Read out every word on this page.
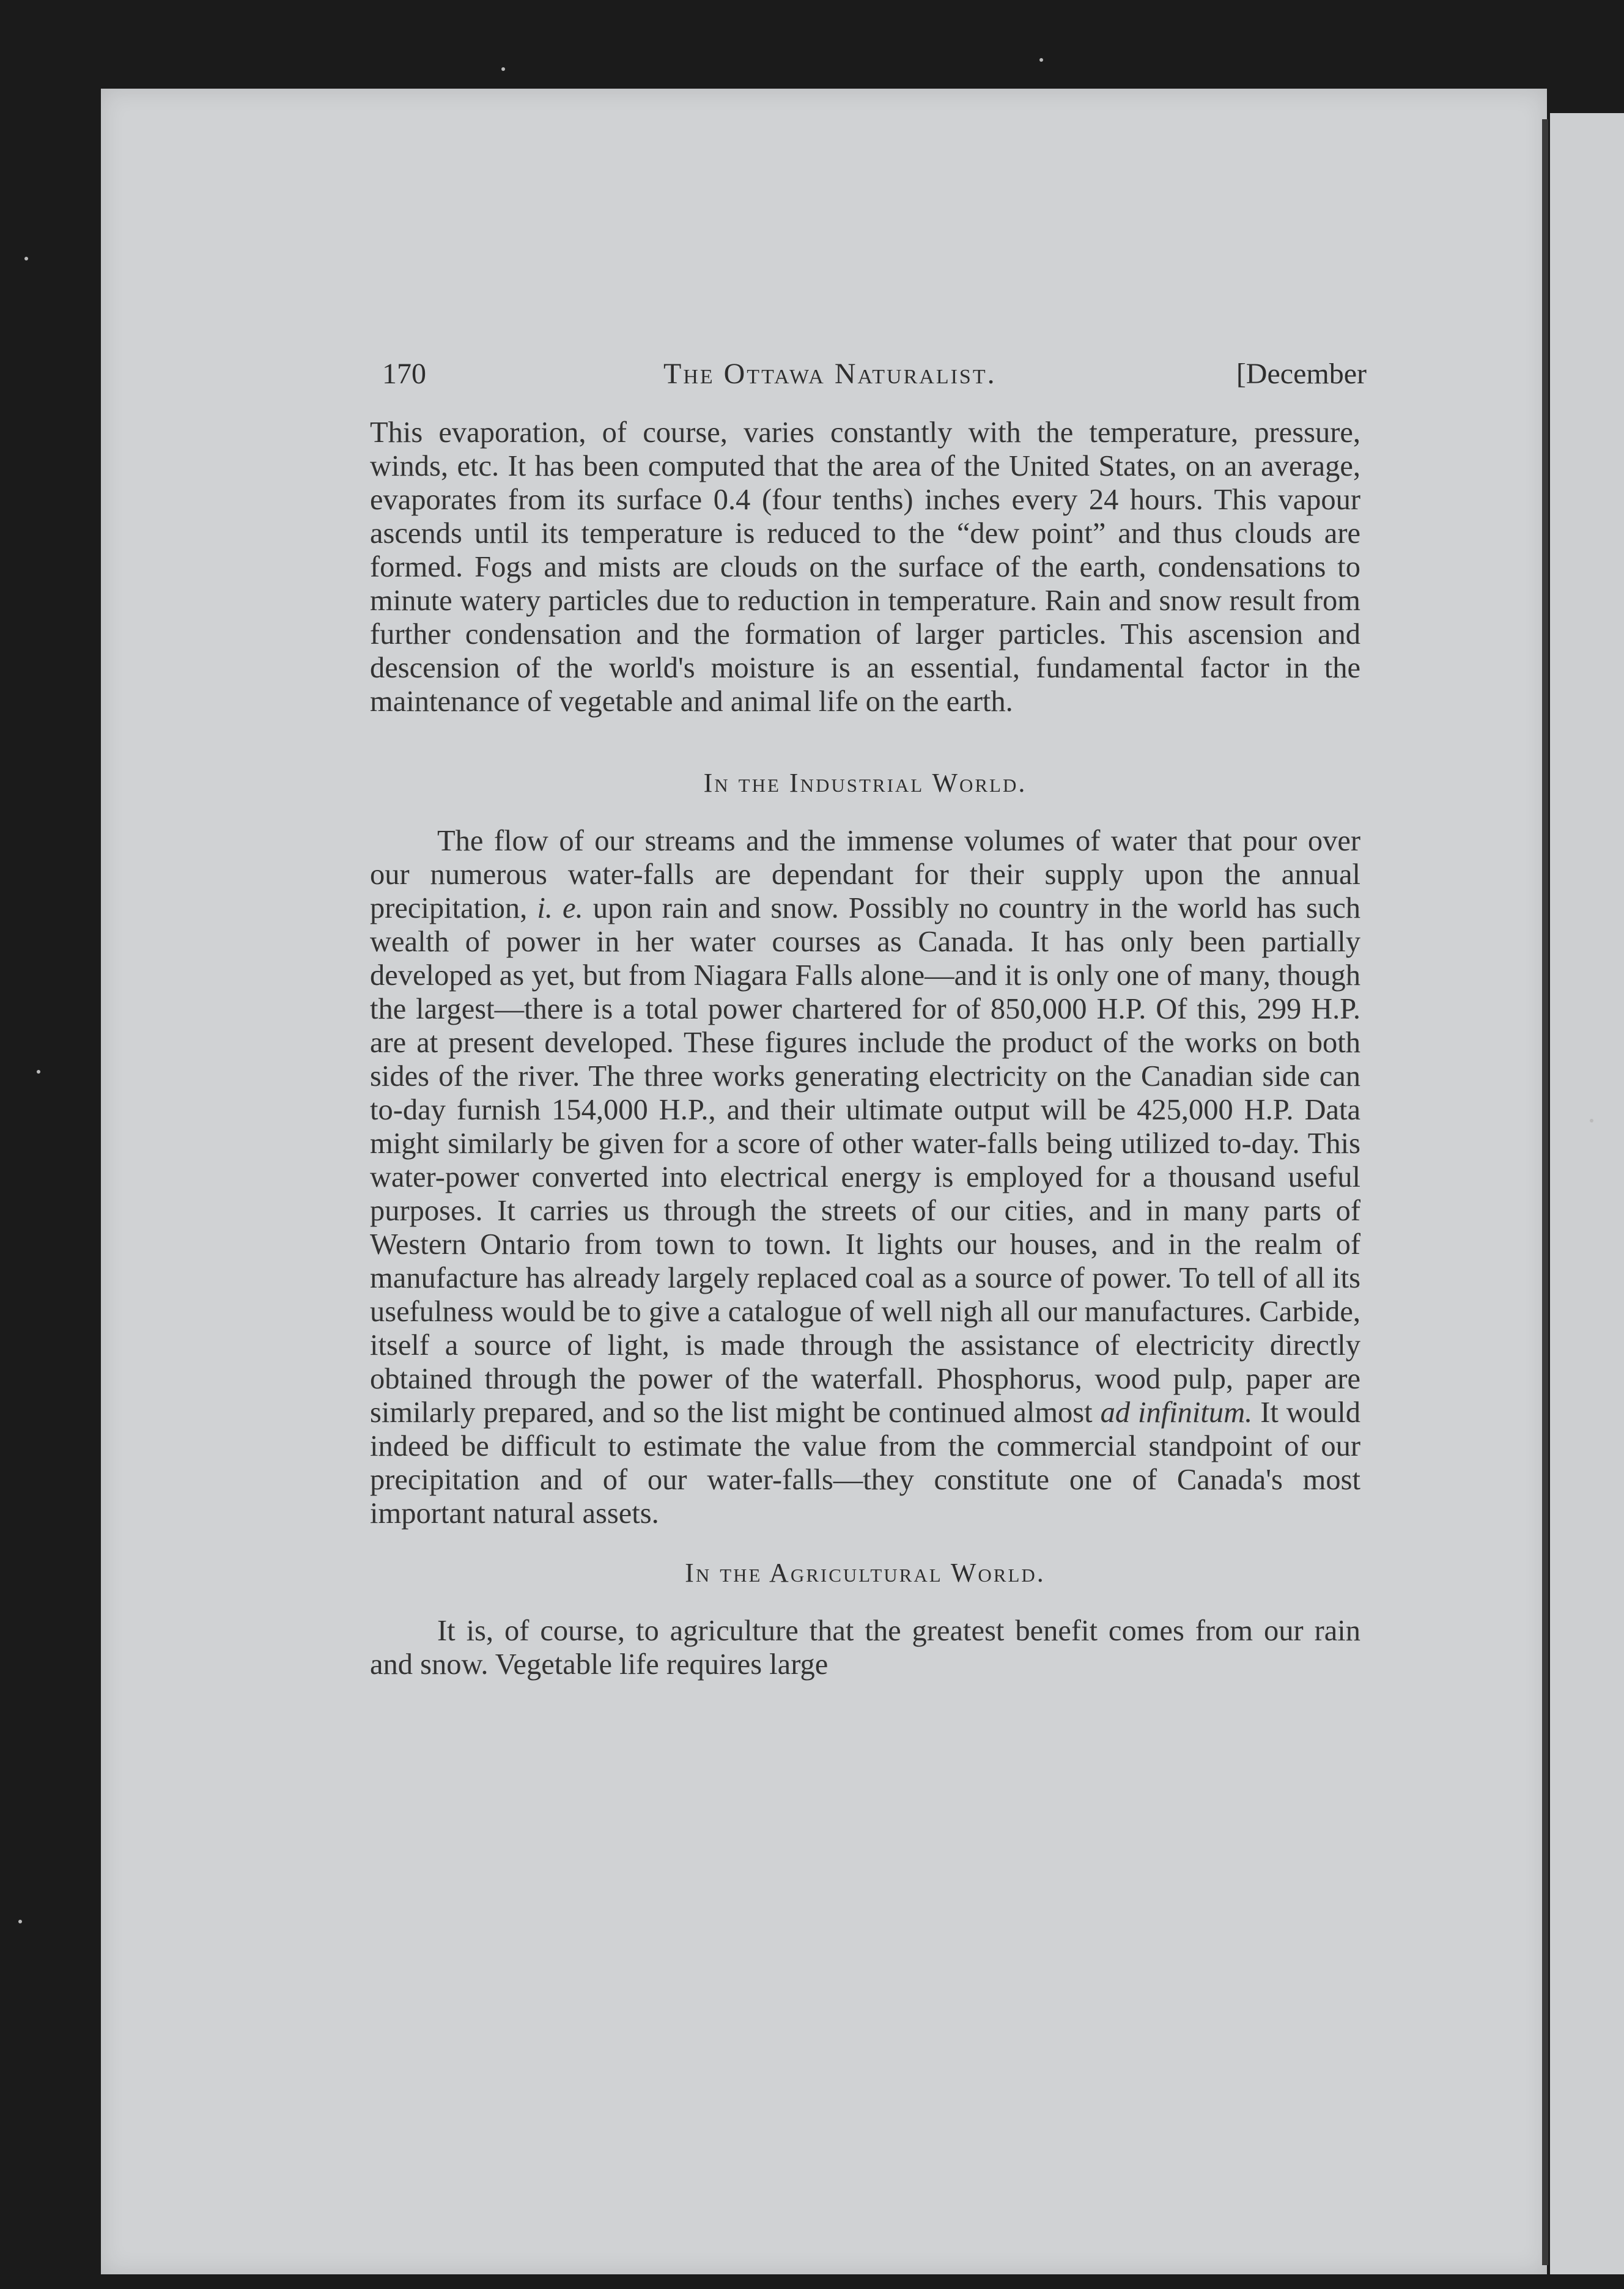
170	The Ottawa Naturalist.	[December

This evaporation, of course, varies constantly with the temperature, pressure, winds, etc. It has been computed that the area of the United States, on an average, evaporates from its surface 0.4 (four tenths) inches every 24 hours. This vapour ascends until its temperature is reduced to the “dew point” and thus clouds are formed. Fogs and mists are clouds on the surface of the earth, condensations to minute watery particles due to reduction in temperature. Rain and snow result from further condensation and the formation of larger particles. This ascension and descension of the world's moisture is an essential, fundamental factor in the maintenance of vegetable and animal life on the earth.

In the Industrial World.

The flow of our streams and the immense volumes of water that pour over our numerous water-falls are dependant for their supply upon the annual precipitation, i. e. upon rain and snow. Possibly no country in the world has such wealth of power in her water courses as Canada. It has only been partially developed as yet, but from Niagara Falls alone—and it is only one of many, though the largest—there is a total power chartered for of 850,000 H.P. Of this, 299 H.P. are at present developed. These figures include the product of the works on both sides of the river. The three works generating electricity on the Canadian side can to-day furnish 154,000 H.P., and their ultimate output will be 425,000 H.P. Data might similarly be given for a score of other water-falls being utilized to-day. This water-power converted into electrical energy is employed for a thousand useful purposes. It carries us through the streets of our cities, and in many parts of Western Ontario from town to town. It lights our houses, and in the realm of manufacture has already largely replaced coal as a source of power. To tell of all its usefulness would be to give a catalogue of well nigh all our manufactures. Carbide, itself a source of light, is made through the assistance of electricity directly obtained through the power of the waterfall. Phosphorus, wood pulp, paper are similarly prepared, and so the list might be continued almost ad infinitum. It would indeed be difficult to estimate the value from the commercial standpoint of our precipitation and of our water-falls—they constitute one of Canada's most important natural assets.

In the Agricultural World.

It is, of course, to agriculture that the greatest benefit comes from our rain and snow. Vegetable life requires large
